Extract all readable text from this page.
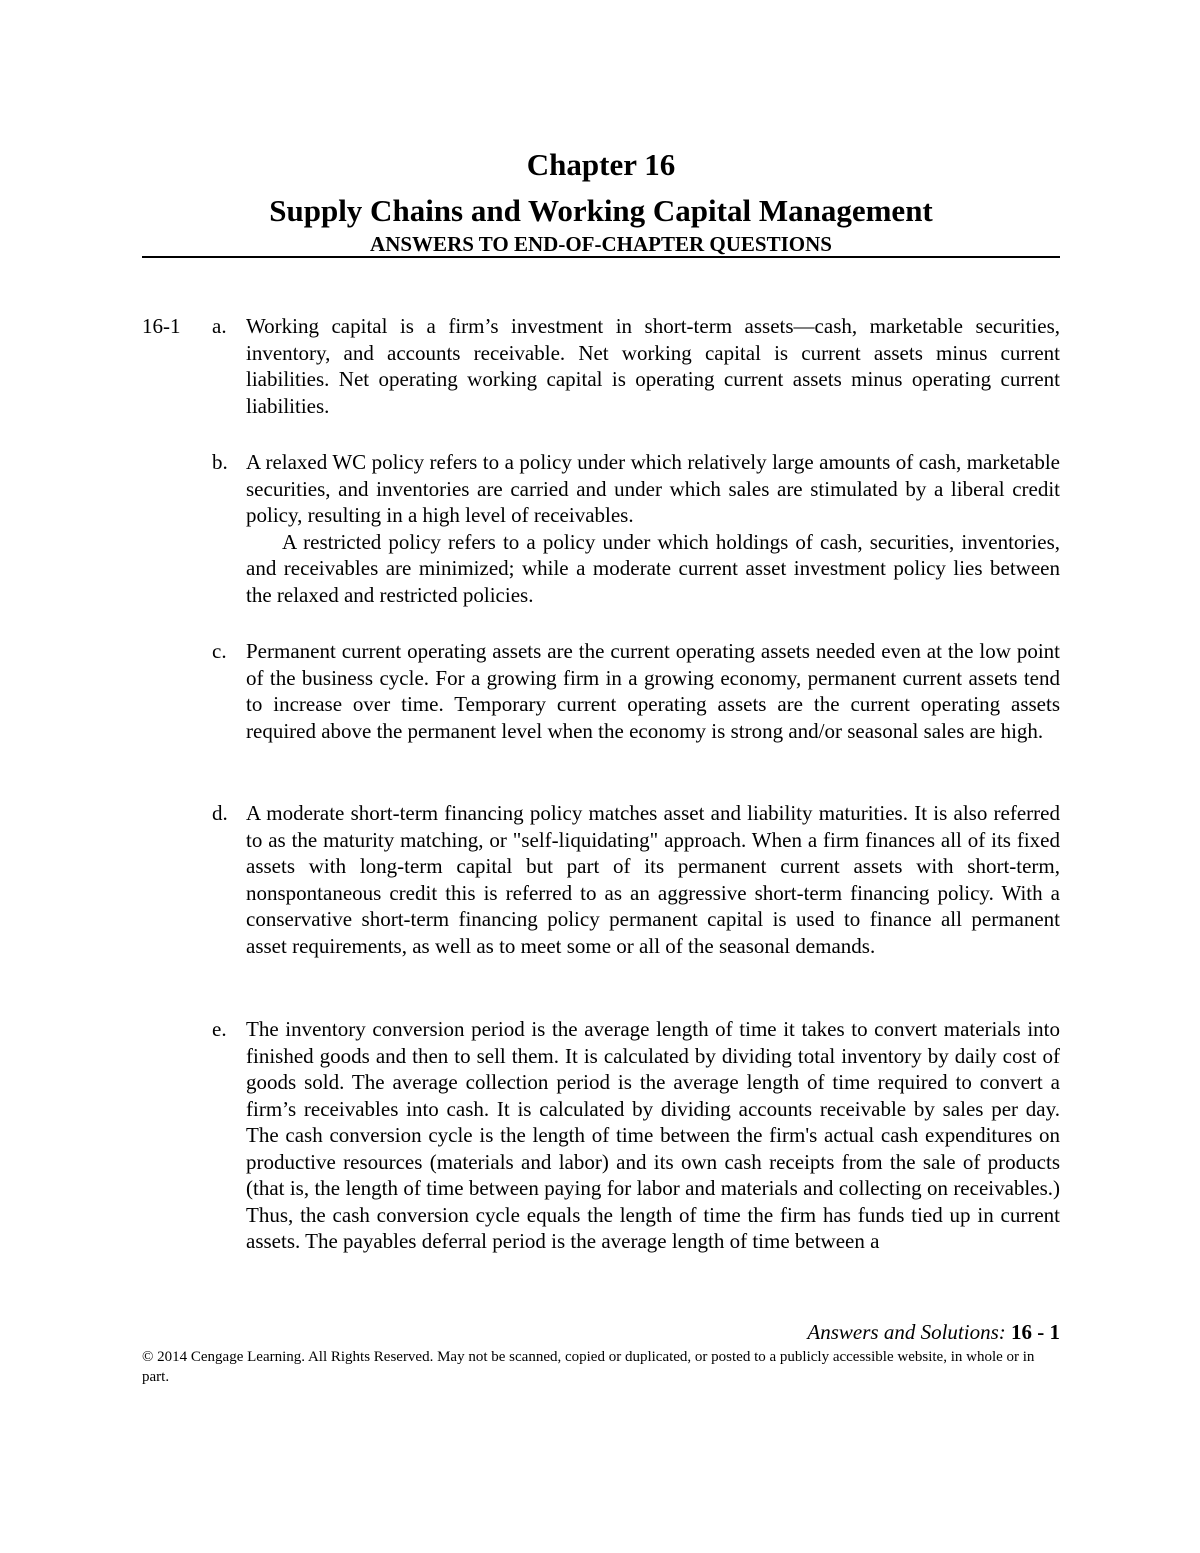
Chapter 16
Supply Chains and Working Capital Management
ANSWERS TO END-OF-CHAPTER QUESTIONS
16-1 a. Working capital is a firm’s investment in short-term assets—cash, marketable securities, inventory, and accounts receivable. Net working capital is current assets minus current liabilities. Net operating working capital is operating current assets minus operating current liabilities.
b. A relaxed WC policy refers to a policy under which relatively large amounts of cash, marketable securities, and inventories are carried and under which sales are stimulated by a liberal credit policy, resulting in a high level of receivables.
A restricted policy refers to a policy under which holdings of cash, securities, inventories, and receivables are minimized; while a moderate current asset investment policy lies between the relaxed and restricted policies.
c. Permanent current operating assets are the current operating assets needed even at the low point of the business cycle. For a growing firm in a growing economy, permanent current assets tend to increase over time. Temporary current operating assets are the current operating assets required above the permanent level when the economy is strong and/or seasonal sales are high.
d. A moderate short-term financing policy matches asset and liability maturities. It is also referred to as the maturity matching, or "self-liquidating" approach. When a firm finances all of its fixed assets with long-term capital but part of its permanent current assets with short-term, nonspontaneous credit this is referred to as an aggressive short-term financing policy. With a conservative short-term financing policy permanent capital is used to finance all permanent asset requirements, as well as to meet some or all of the seasonal demands.
e. The inventory conversion period is the average length of time it takes to convert materials into finished goods and then to sell them. It is calculated by dividing total inventory by daily cost of goods sold. The average collection period is the average length of time required to convert a firm’s receivables into cash. It is calculated by dividing accounts receivable by sales per day. The cash conversion cycle is the length of time between the firm's actual cash expenditures on productive resources (materials and labor) and its own cash receipts from the sale of products (that is, the length of time between paying for labor and materials and collecting on receivables.) Thus, the cash conversion cycle equals the length of time the firm has funds tied up in current assets. The payables deferral period is the average length of time between a
Answers and Solutions: 16 - 1
© 2014 Cengage Learning. All Rights Reserved. May not be scanned, copied or duplicated, or posted to a publicly accessible website, in whole or in part.
